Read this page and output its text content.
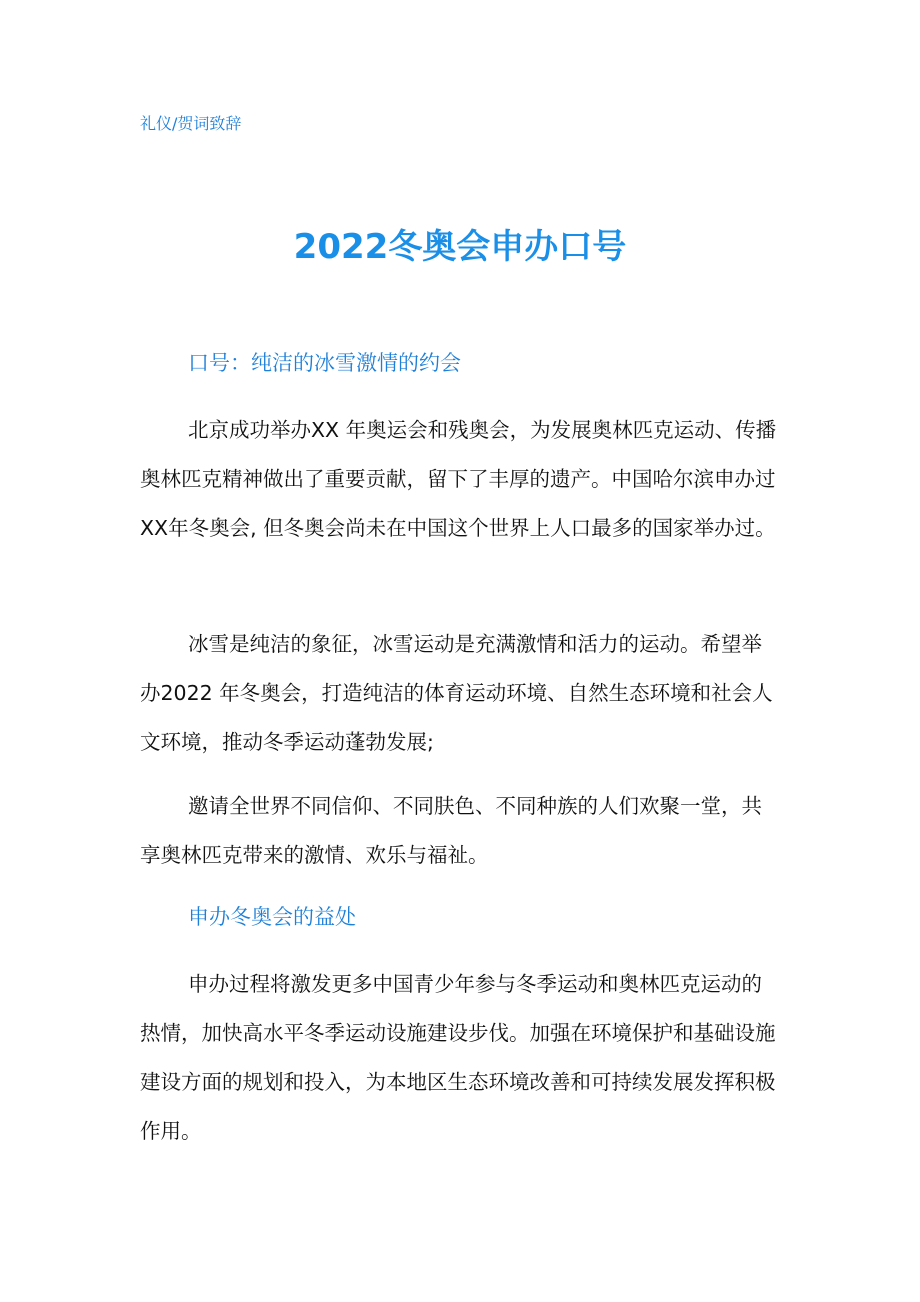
礼仪/贺词致辞
2022冬奥会申办口号
口号：纯洁的冰雪激情的约会

北京成功举办XX 年奥运会和残奥会，为发展奥林匹克运动、传播奥林匹克精神做出了重要贡献，留下了丰厚的遗产。中国哈尔滨申办过XX年冬奥会, 但冬奥会尚未在中国这个世界上人口最多的国家举办过。

冰雪是纯洁的象征，冰雪运动是充满激情和活力的运动。希望举办2022 年冬奥会，打造纯洁的体育运动环境、自然生态环境和社会人文环境，推动冬季运动蓬勃发展;

邀请全世界不同信仰、不同肤色、不同种族的人们欢聚一堂，共享奥林匹克带来的激情、欢乐与福祉。

申办冬奥会的益处

申办过程将激发更多中国青少年参与冬季运动和奥林匹克运动的热情，加快高水平冬季运动设施建设步伐。加强在环境保护和基础设施建设方面的规划和投入，为本地区生态环境改善和可持续发展发挥积极作用。
